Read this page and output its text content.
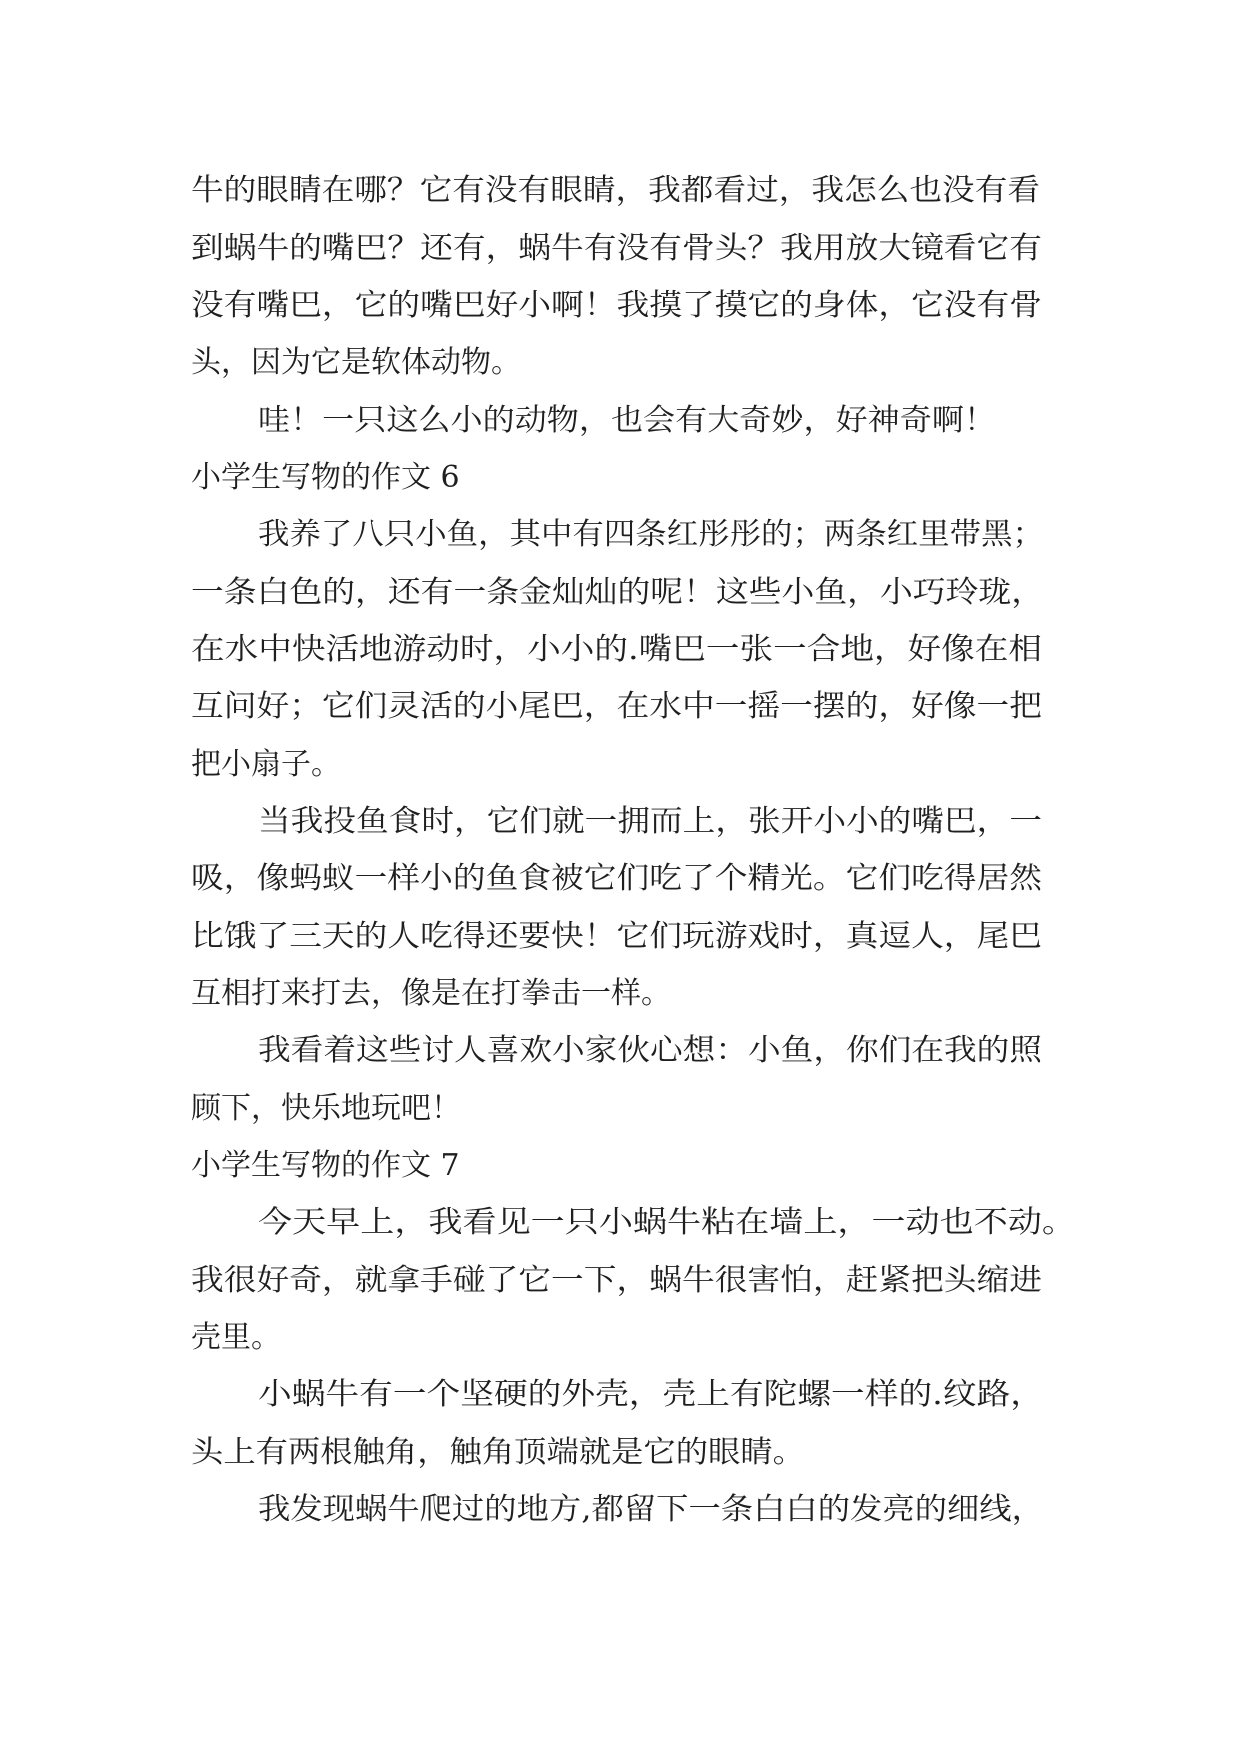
牛的眼睛在哪？它有没有眼睛，我都看过，我怎么也没有看
到蜗牛的嘴巴？还有，蜗牛有没有骨头？我用放大镜看它有
没有嘴巴，它的嘴巴好小啊！我摸了摸它的身体，它没有骨
头，因为它是软体动物。
哇！一只这么小的动物，也会有大奇妙，好神奇啊！
小学生写物的作文 6
我养了八只小鱼，其中有四条红彤彤的；两条红里带黑；
一条白色的，还有一条金灿灿的呢！这些小鱼，小巧玲珑，
在水中快活地游动时，小小的.嘴巴一张一合地，好像在相
互问好；它们灵活的小尾巴，在水中一摇一摆的，好像一把
把小扇子。
当我投鱼食时，它们就一拥而上，张开小小的嘴巴，一
吸，像蚂蚁一样小的鱼食被它们吃了个精光。它们吃得居然
比饿了三天的人吃得还要快！它们玩游戏时，真逗人，尾巴
互相打来打去，像是在打拳击一样。
我看着这些讨人喜欢小家伙心想：小鱼，你们在我的照
顾下，快乐地玩吧！
小学生写物的作文 7
今天早上，我看见一只小蜗牛粘在墙上，一动也不动。
我很好奇，就拿手碰了它一下，蜗牛很害怕，赶紧把头缩进
壳里。
小蜗牛有一个坚硬的外壳，壳上有陀螺一样的.纹路，
头上有两根触角，触角顶端就是它的眼睛。
我发现蜗牛爬过的地方,都留下一条白白的发亮的细线，
